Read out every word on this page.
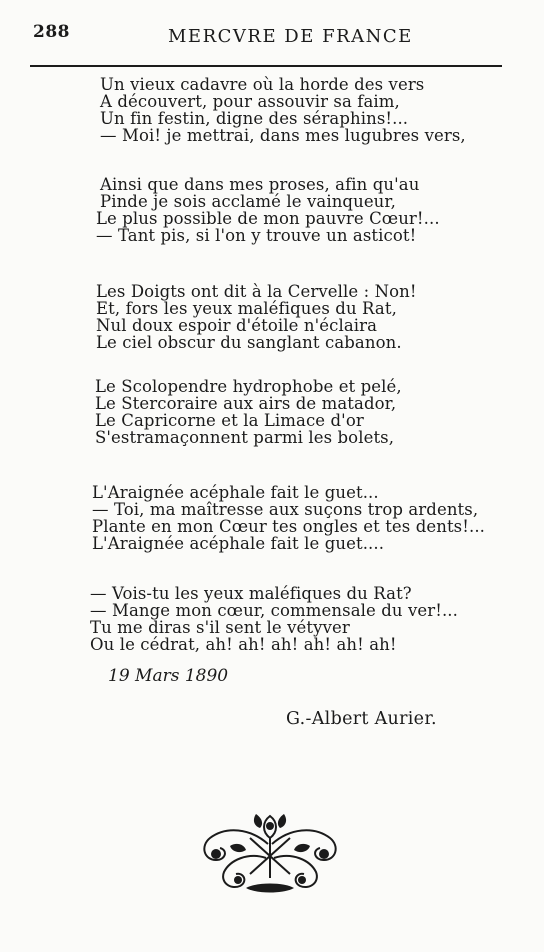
288	MERCVRE DE FRANCE
Un vieux cadavre où la horde des vers
A découvert, pour assouvir sa faim,
Un fin festin, digne des séraphins!...
— Moi! je mettrai, dans mes lugubres vers,
Ainsi que dans mes proses, afin qu'au
Pinde je sois acclamé le vainqueur,
Le plus possible de mon pauvre Cœur!...
— Tant pis, si l'on y trouve un asticot!
Les Doigts ont dit à la Cervelle : Non!
Et, fors les yeux maléfiques du Rat,
Nul doux espoir d'étoile n'éclaira
Le ciel obscur du sanglant cabanon.
Le Scolopendre hydrophobe et pelé,
Le Stercoraire aux airs de matador,
Le Capricorne et la Limace d'or
S'estramaçonnent parmi les bolets,
L'Araignée acéphale fait le guet...
— Toi, ma maîtresse aux suçons trop ardents,
Plante en mon Cœur tes ongles et tes dents!...
L'Araignée acéphale fait le guet....
— Vois-tu les yeux maléfiques du Rat?
— Mange mon cœur, commensale du ver!...
Tu me diras s'il sent le vétyver
Ou le cédrat, ah! ah! ah! ah! ah! ah!
19 Mars 1890
G.-Albert Aurier.
